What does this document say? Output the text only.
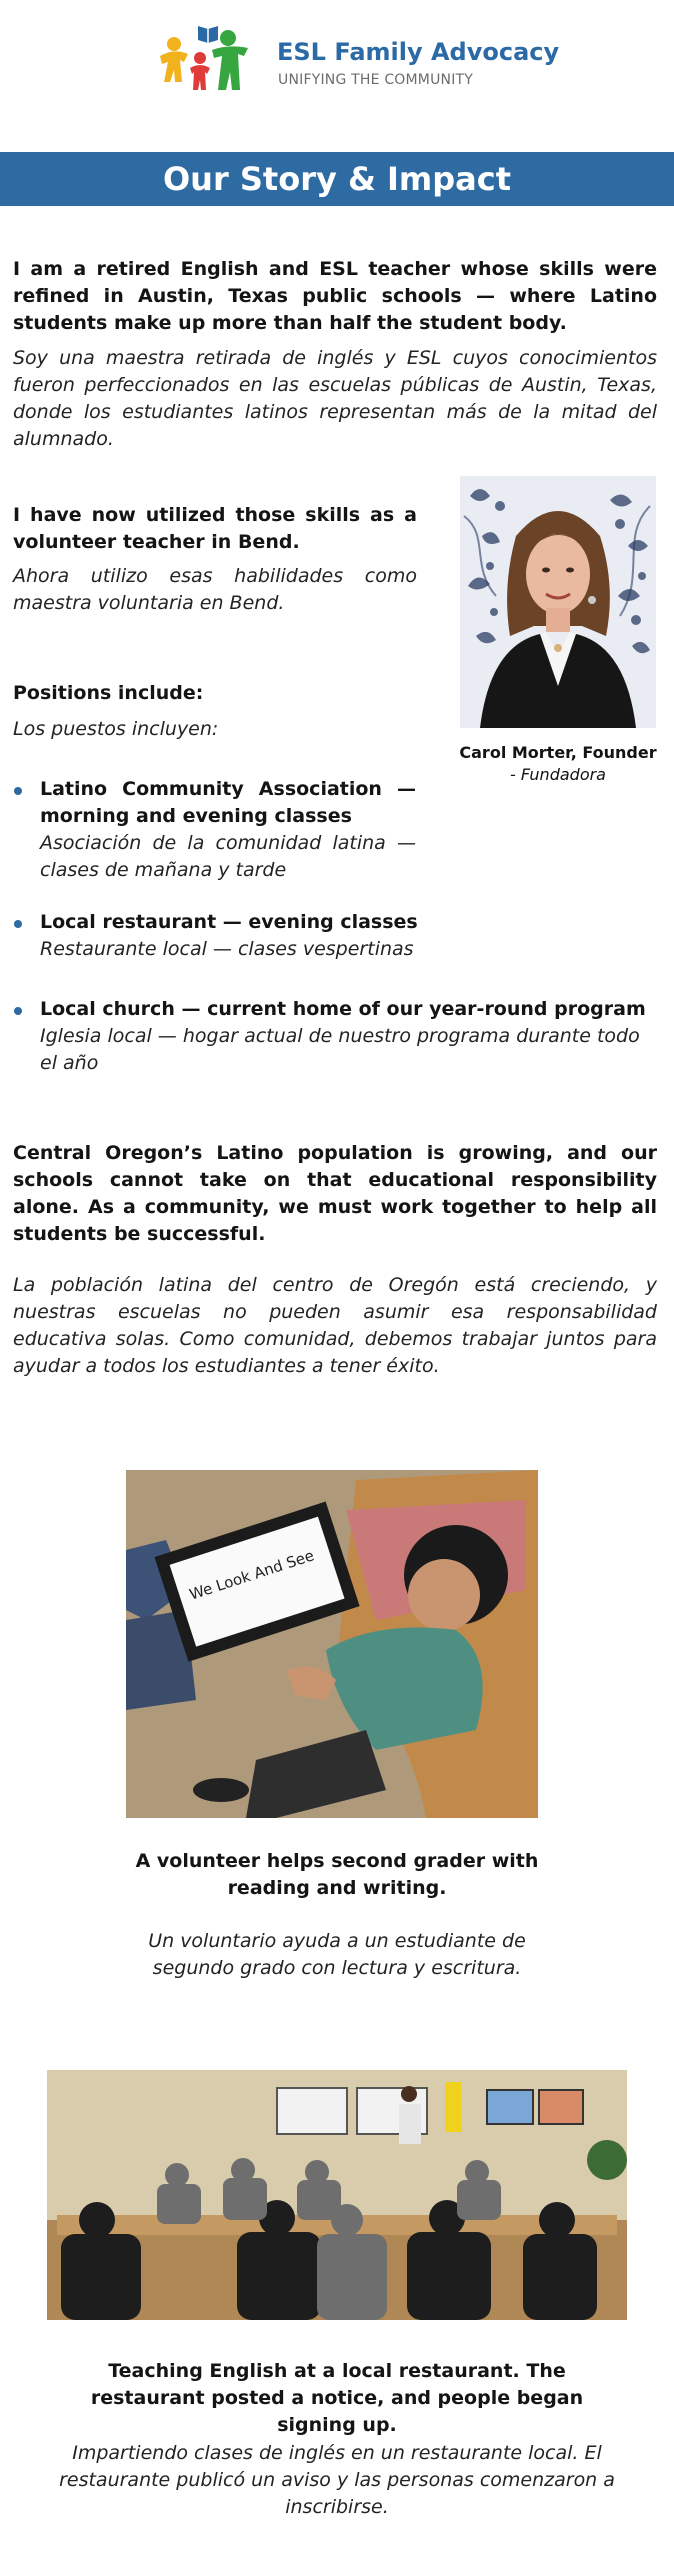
ESL Family Advocacy
UNIFYING THE COMMUNITY
Our Story & Impact
I am a retired English and ESL teacher whose skills were refined in Austin, Texas public schools — where Latino students make up more than half the student body.
Soy una maestra retirada de inglés y ESL cuyos conocimientos fueron perfeccionados en las escuelas públicas de Austin, Texas, donde los estudiantes latinos representan más de la mitad del alumnado.
I have now utilized those skills as a volunteer teacher in Bend.
Ahora utilizo esas habilidades como maestra voluntaria en Bend.
Carol Morter, Founder
- Fundadora
Positions include:
Los puestos incluyen:
Latino Community Association — morning and evening classes
Asociación de la comunidad latina — clases de mañana y tarde
Local restaurant — evening classes
Restaurante local — clases vespertinas
Local church — current home of our year-round program
Iglesia local — hogar actual de nuestro programa durante todo el año
Central Oregon’s Latino population is growing, and our schools cannot take on that educational responsibility alone. As a community, we must work together to help all students be successful.
La población latina del centro de Oregón está creciendo, y nuestras escuelas no pueden asumir esa responsabilidad educativa solas. Como comunidad, debemos trabajar juntos para ayudar a todos los estudiantes a tener éxito.
We Look And See
A volunteer helps second grader with reading and writing.
Un voluntario ayuda a un estudiante de segundo grado con lectura y escritura.
Teaching English at a local restaurant. The restaurant posted a notice, and people began signing up.
Impartiendo clases de inglés en un restaurante local. El restaurante publicó un aviso y las personas comenzaron a inscribirse.
